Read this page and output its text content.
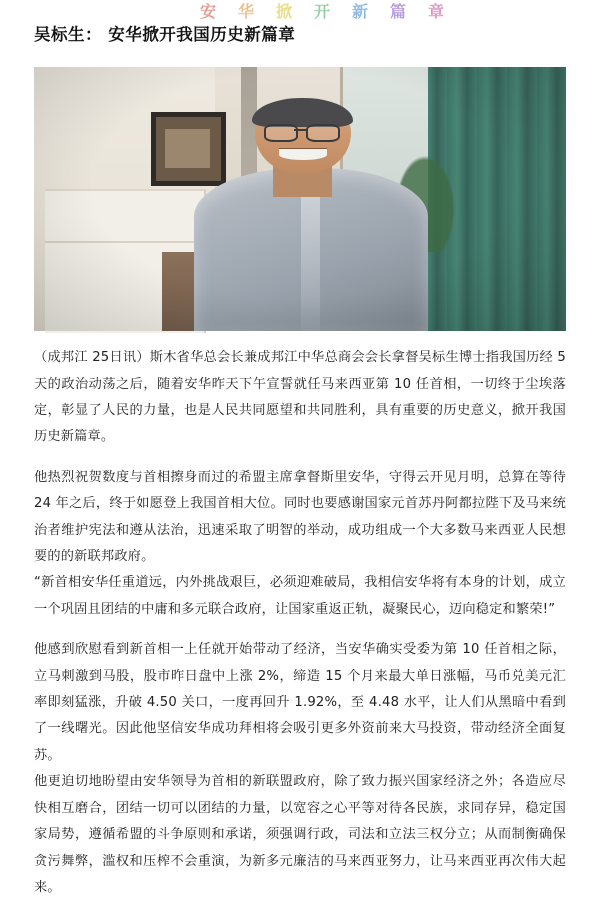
安 华 掀 开 新 篇 章
吴标生： 安华掀开我国历史新篇章

（成邦江 25日讯）斯木省华总会长兼成邦江中华总商会会长拿督吴标生博士指我国历经 5 天的政治动荡之后，随着安华昨天下午宣誓就任马来西亚第 10 任首相，一切终于尘埃落定，彰显了人民的力量，也是人民共同愿望和共同胜利，具有重要的历史意义，掀开我国历史新篇章。

他热烈祝贺数度与首相擦身而过的希盟主席拿督斯里安华，守得云开见月明，总算在等待 24 年之后，终于如愿登上我国首相大位。同时也要感谢国家元首苏丹阿都拉陛下及马来统治者维护宪法和遵从法治，迅速采取了明智的举动，成功组成一个大多数马来西亚人民想要的的新联邦政府。

“新首相安华任重道远，内外挑战艰巨，必须迎难破局，我相信安华将有本身的计划，成立一个巩固且团结的中庸和多元联合政府，让国家重返正轨，凝聚民心，迈向稳定和繁荣!”

他感到欣慰看到新首相一上任就开始带动了经济，当安华确实受委为第 10 任首相之际，立马刺激到马股，股市昨日盘中上涨 2%，缔造 15 个月来最大单日涨幅，马币兑美元汇率即刻猛涨，升破 4.50 关口，一度再回升 1.92%，至 4.48 水平，让人们从黑暗中看到了一线曙光。因此他坚信安华成功拜相将会吸引更多外资前来大马投资，带动经济全面复苏。

他更迫切地盼望由安华领导为首相的新联盟政府，除了致力振兴国家经济之外；各造应尽快相互磨合，团结一切可以团结的力量，以宽容之心平等对待各民族，求同存异，稳定国家局势，遵循希盟的斗争原则和承诺，须强调行政，司法和立法三权分立；从而制衡确保贪污舞弊，滥权和压榨不会重演，为新多元廉洁的马来西亚努力，让马来西亚再次伟大起来。
